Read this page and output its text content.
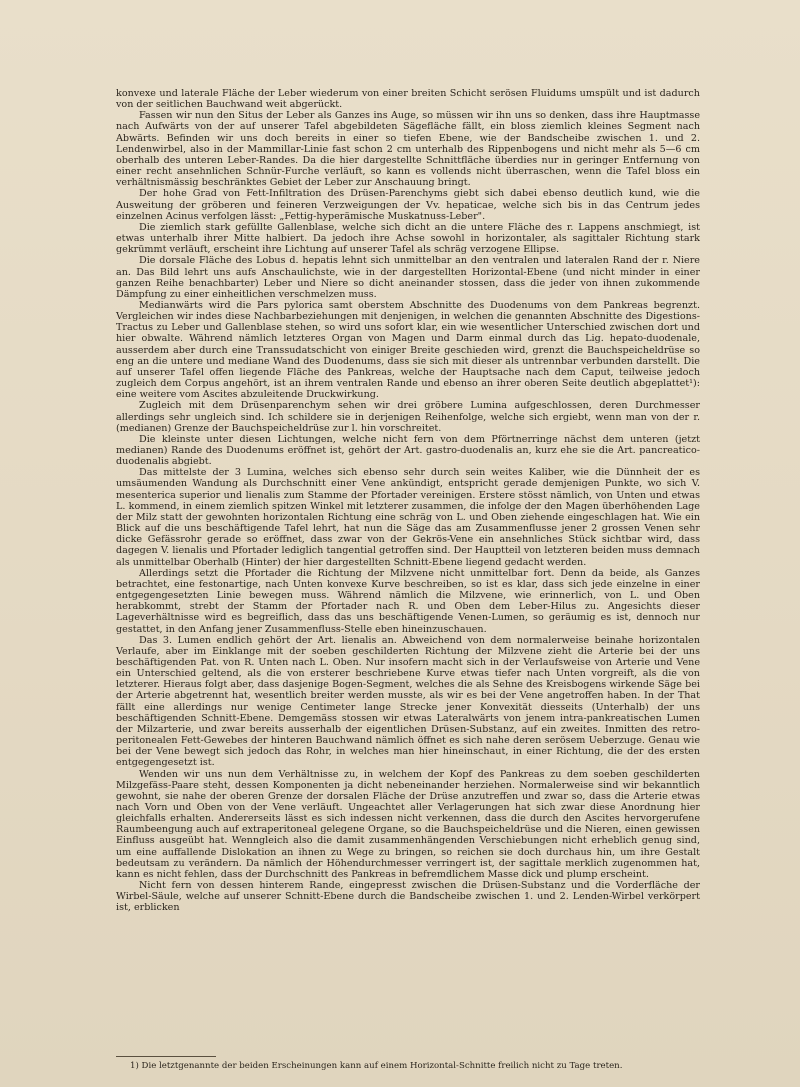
konvexe und laterale Fläche der Leber wiederum von einer breiten Schicht serösen Fluidums umspült und ist dadurch von der seitlichen Bauchwand weit abgerückt.

Fassen wir nun den Situs der Leber als Ganzes ins Auge, so müssen wir ihn uns so denken, dass ihre Hauptmasse nach Aufwärts von der auf unserer Tafel abgebildeten Sägefläche fällt, ein bloss ziemlich kleines Segment nach Abwärts. Befinden wir uns doch bereits in einer so tiefen Ebene, wie der Bandscheibe zwischen 1. und 2. Lendenwirbel, also in der Mammillar-Linie fast schon 2 cm unterhalb des Rippenbogens und nicht mehr als 5—6 cm oberhalb des unteren Leber-Randes. Da die hier dargestellte Schnittfläche überdies nur in geringer Entfernung von einer recht ansehnlichen Schnür-Furche verläuft, so kann es vollends nicht überraschen, wenn die Tafel bloss ein verhältnismässig beschränktes Gebiet der Leber zur Anschauung bringt.

Der hohe Grad von Fett-Infiltration des Drüsen-Parenchyms giebt sich dabei ebenso deutlich kund, wie die Ausweitung der gröberen und feineren Verzweigungen der Vv. hepaticae, welche sich bis in das Centrum jedes einzelnen Acinus verfolgen lässt: „Fettig-hyperämische Muskatnuss-Leber".

Die ziemlich stark gefüllte Gallenblase, welche sich dicht an die untere Fläche des r. Lappens anschmiegt, ist etwas unterhalb ihrer Mitte halbiert. Da jedoch ihre Achse sowohl in horizontaler, als sagittaler Richtung stark gekrümmt verläuft, erscheint ihre Lichtung auf unserer Tafel als schräg verzogene Ellipse.

Die dorsale Fläche des Lobus d. hepatis lehnt sich unmittelbar an den ventralen und lateralen Rand der r. Niere an. Das Bild lehrt uns aufs Anschaulichste, wie in der dargestellten Horizontal-Ebene (und nicht minder in einer ganzen Reihe benachbarter) Leber und Niere so dicht aneinander stossen, dass die jeder von ihnen zukommende Dämpfung zu einer einheitlichen verschmelzen muss.

Medianwärts wird die Pars pylorica samt oberstem Abschnitte des Duodenums von dem Pankreas begrenzt. Vergleichen wir indes diese Nachbarbeziehungen mit denjenigen, in welchen die genannten Abschnitte des Digestions-Tractus zu Leber und Gallenblase stehen, so wird uns sofort klar, ein wie wesentlicher Unterschied zwischen dort und hier obwalte. Während nämlich letzteres Organ von Magen und Darm einmal durch das Lig. hepato-duodenale, ausserdem aber durch eine Transsudatschicht von einiger Breite geschieden wird, grenzt die Bauchspeicheldrüse so eng an die untere und mediane Wand des Duodenums, dass sie sich mit dieser als untrennbar verbunden darstellt. Die auf unserer Tafel offen liegende Fläche des Pankreas, welche der Hauptsache nach dem Caput, teilweise jedoch zugleich dem Corpus angehört, ist an ihrem ventralen Rande und ebenso an ihrer oberen Seite deutlich abgeplattet¹): eine weitere vom Ascites abzuleitende Druckwirkung.

Zugleich mit dem Drüsenparenchym sehen wir drei gröbere Lumina aufgeschlossen, deren Durchmesser allerdings sehr ungleich sind. Ich schildere sie in derjenigen Reihenfolge, welche sich ergiebt, wenn man von der r. (medianen) Grenze der Bauchspeicheldrüse zur l. hin vorschreitet.

Die kleinste unter diesen Lichtungen, welche nicht fern von dem Pförtnerringe nächst dem unteren (jetzt medianen) Rande des Duodenums eröffnet ist, gehört der Art. gastro-duodenalis an, kurz ehe sie die Art. pancreatico-duodenalis abgiebt.

Das mittelste der 3 Lumina, welches sich ebenso sehr durch sein weites Kaliber, wie die Dünnheit der es umsäumenden Wandung als Durchschnitt einer Vene ankündigt, entspricht gerade demjenigen Punkte, wo sich V. mesenterica superior und lienalis zum Stamme der Pfortader vereinigen. Erstere stösst nämlich, von Unten und etwas L. kommend, in einem ziemlich spitzen Winkel mit letzterer zusammen, die infolge der den Magen überhöhenden Lage der Milz statt der gewohnten horizontalen Richtung eine schräg von L. und Oben ziehende eingeschlagen hat. Wie ein Blick auf die uns beschäftigende Tafel lehrt, hat nun die Säge das am Zusammenflusse jener 2 grossen Venen sehr dicke Gefässrohr gerade so eröffnet, dass zwar von der Gekrös-Vene ein ansehnliches Stück sichtbar wird, dass dagegen V. lienalis und Pfortader lediglich tangential getroffen sind. Der Hauptteil von letzteren beiden muss demnach als unmittelbar Oberhalb (Hinter) der hier dargestellten Schnitt-Ebene liegend gedacht werden.

Allerdings setzt die Pfortader die Richtung der Milzvene nicht unmittelbar fort. Denn da beide, als Ganzes betrachtet, eine festonartige, nach Unten konvexe Kurve beschreiben, so ist es klar, dass sich jede einzelne in einer entgegengesetzten Linie bewegen muss. Während nämlich die Milzvene, wie erinnerlich, von L. und Oben herabkommt, strebt der Stamm der Pfortader nach R. und Oben dem Leber-Hilus zu. Angesichts dieser Lageverhältnisse wird es begreiflich, dass das uns beschäftigende Venen-Lumen, so geräumig es ist, dennoch nur gestattet, in den Anfang jener Zusammenfluss-Stelle eben hineinzuschauen.

Das 3. Lumen endlich gehört der Art. lienalis an. Abweichend von dem normalerweise beinahe horizontalen Verlaufe, aber im Einklange mit der soeben geschilderten Richtung der Milzvene zieht die Arterie bei der uns beschäftigenden Pat. von R. Unten nach L. Oben. Nur insofern macht sich in der Verlaufsweise von Arterie und Vene ein Unterschied geltend, als die von ersterer beschriebene Kurve etwas tiefer nach Unten vorgreift, als die von letzterer. Hieraus folgt aber, dass dasjenige Bogen-Segment, welches die als Sehne des Kreisbogens wirkende Säge bei der Arterie abgetrennt hat, wesentlich breiter werden musste, als wir es bei der Vene angetroffen haben. In der That fällt eine allerdings nur wenige Centimeter lange Strecke jener Konvexität diesseits (Unterhalb) der uns beschäftigenden Schnitt-Ebene. Demgemäss stossen wir etwas Lateralwärts von jenem intra-pankreatischen Lumen der Milzarterie, und zwar bereits ausserhalb der eigentlichen Drüsen-Substanz, auf ein zweites. Inmitten des retro-peritonealen Fett-Gewebes der hinteren Bauchwand nämlich öffnet es sich nahe deren serösem Ueberzuge. Genau wie bei der Vene bewegt sich jedoch das Rohr, in welches man hier hineinschaut, in einer Richtung, die der des ersten entgegengesetzt ist.

Wenden wir uns nun dem Verhältnisse zu, in welchem der Kopf des Pankreas zu dem soeben geschilderten Milzgefäss-Paare steht, dessen Komponenten ja dicht nebeneinander herziehen. Normalerweise sind wir bekanntlich gewohnt, sie nahe der oberen Grenze der dorsalen Fläche der Drüse anzutreffen und zwar so, dass die Arterie etwas nach Vorn und Oben von der Vene verläuft. Ungeachtet aller Verlagerungen hat sich zwar diese Anordnung hier gleichfalls erhalten. Andererseits lässt es sich indessen nicht verkennen, dass die durch den Ascites hervorgerufene Raumbeengung auch auf extraperitoneal gelegene Organe, so die Bauchspeicheldrüse und die Nieren, einen gewissen Einfluss ausgeübt hat. Wenngleich also die damit zusammenhängenden Verschiebungen nicht erheblich genug sind, um eine auffallende Dislokation an ihnen zu Wege zu bringen, so reichen sie doch durchaus hin, um ihre Gestalt bedeutsam zu verändern. Da nämlich der Höhendurchmesser verringert ist, der sagittale merklich zugenommen hat, kann es nicht fehlen, dass der Durchschnitt des Pankreas in befremdlichem Masse dick und plump erscheint.

Nicht fern von dessen hinterem Rande, eingepresst zwischen die Drüsen-Substanz und die Vorderfläche der Wirbel-Säule, welche auf unserer Schnitt-Ebene durch die Bandscheibe zwischen 1. und 2. Lenden-Wirbel verkörpert ist, erblicken

1) Die letztgenannte der beiden Erscheinungen kann auf einem Horizontal-Schnitte freilich nicht zu Tage treten.
